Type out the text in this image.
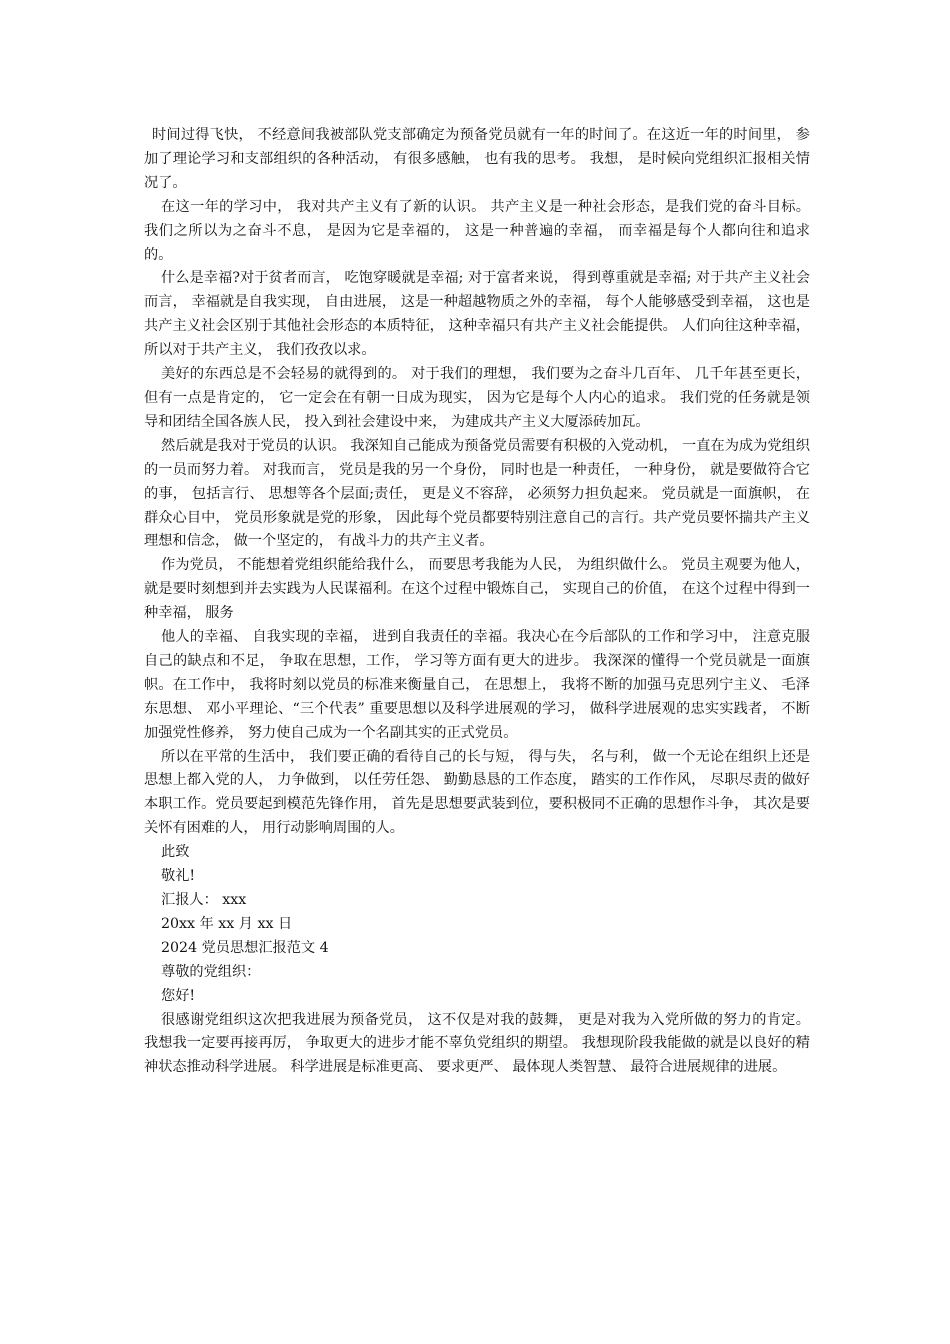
时间过得飞快， 不经意间我被部队党支部确定为预备党员就有一年的时间了。在这近一年的时间里， 参加了理论学习和支部组织的各种活动， 有很多感触， 也有我的思考。 我想， 是时候向党组织汇报相关情况了。

在这一年的学习中， 我对共产主义有了新的认识。 共产主义是一种社会形态，是我们党的奋斗目标。 我们之所以为之奋斗不息， 是因为它是幸福的， 这是一种普遍的幸福， 而幸福是每个人都向往和追求的。

什么是幸福?对于贫者而言， 吃饱穿暖就是幸福; 对于富者来说， 得到尊重就是幸福; 对于共产主义社会而言， 幸福就是自我实现， 自由进展， 这是一种超越物质之外的幸福， 每个人能够感受到幸福， 这也是共产主义社会区别于其他社会形态的本质特征， 这种幸福只有共产主义社会能提供。 人们向往这种幸福， 所以对于共产主义， 我们孜孜以求。

美好的东西总是不会轻易的就得到的。 对于我们的理想， 我们要为之奋斗几百年、 几千年甚至更长， 但有一点是肯定的， 它一定会在有朝一日成为现实， 因为它是每个人内心的追求。 我们党的任务就是领导和团结全国各族人民， 投入到社会建设中来， 为建成共产主义大厦添砖加瓦。

然后就是我对于党员的认识。 我深知自己能成为预备党员需要有积极的入党动机， 一直在为成为党组织的一员而努力着。 对我而言， 党员是我的另一个身份， 同时也是一种责任， 一种身份， 就是要做符合它的事， 包括言行、 思想等各个层面;责任， 更是义不容辞， 必须努力担负起来。 党员就是一面旗帜， 在群众心目中， 党员形象就是党的形象， 因此每个党员都要特别注意自己的言行。共产党员要怀揣共产主义理想和信念， 做一个坚定的， 有战斗力的共产主义者。

作为党员， 不能想着党组织能给我什么， 而要思考我能为人民， 为组织做什么。 党员主观要为他人， 就是要时刻想到并去实践为人民谋福利。在这个过程中锻炼自己， 实现自己的价值， 在这个过程中得到一种幸福， 服务

他人的幸福、 自我实现的幸福， 进到自我责任的幸福。我决心在今后部队的工作和学习中， 注意克服自己的缺点和不足， 争取在思想，工作， 学习等方面有更大的进步。 我深深的懂得一个党员就是一面旗帜。在工作中， 我将时刻以党员的标准来衡量自己， 在思想上， 我将不断的加强马克思列宁主义、 毛泽东思想、 邓小平理论、“三个代表” 重要思想以及科学进展观的学习， 做科学进展观的忠实实践者， 不断加强党性修养， 努力使自己成为一个名副其实的正式党员。

所以在平常的生活中， 我们要正确的看待自己的长与短， 得与失， 名与利， 做一个无论在组织上还是思想上都入党的人， 力争做到， 以任劳任怨、 勤勤恳恳的工作态度， 踏实的工作作风， 尽职尽责的做好本职工作。党员要起到模范先锋作用， 首先是思想要武装到位，要积极同不正确的思想作斗争， 其次是要关怀有困难的人， 用行动影响周围的人。

此致

敬礼!

汇报人： xxx

20xx 年 xx 月 xx 日

2024 党员思想汇报范文 4

尊敬的党组织：

您好!

很感谢党组织这次把我进展为预备党员， 这不仅是对我的鼓舞， 更是对我为入党所做的努力的肯定。 我想我一定要再接再厉， 争取更大的进步才能不辜负党组织的期望。 我想现阶段我能做的就是以良好的精神状态推动科学进展。 科学进展是标准更高、 要求更严、 最体现人类智慧、 最符合进展规律的进展。
